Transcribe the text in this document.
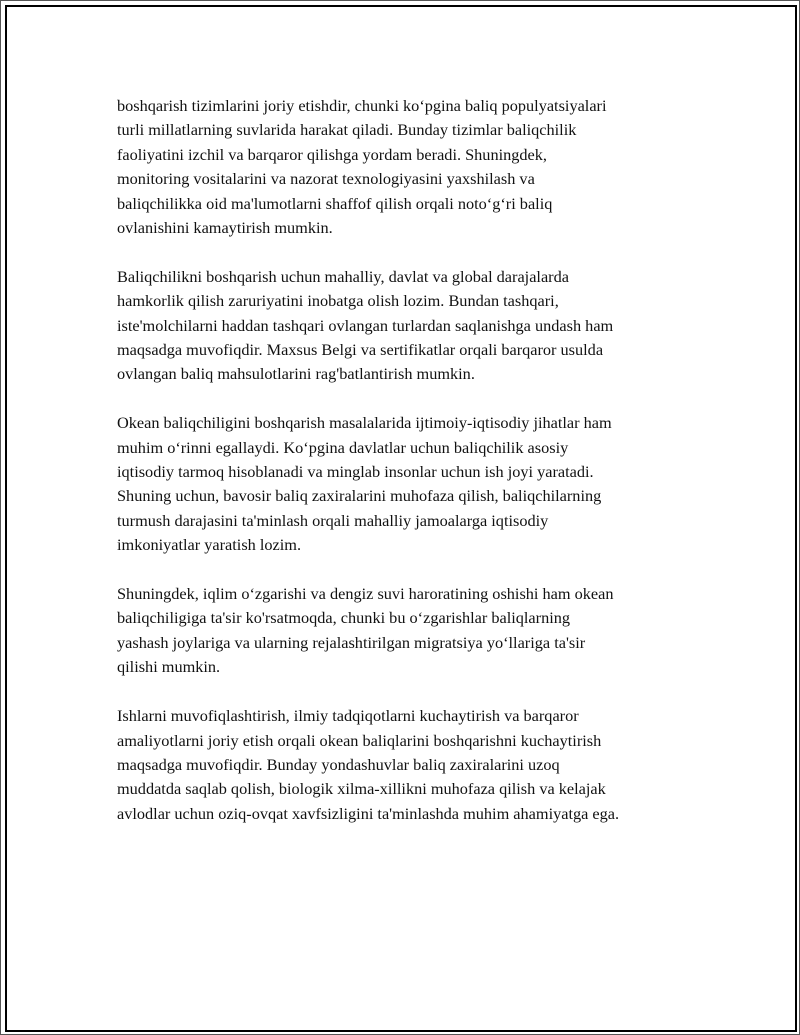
boshqarish tizimlarini joriy etishdir, chunki koʻpgina baliq populyatsiyalari
turli millatlarning suvlarida harakat qiladi. Bunday tizimlar baliqchilik
faoliyatini izchil va barqaror qilishga yordam beradi. Shuningdek,
monitoring vositalarini va nazorat texnologiyasini yaxshilash va
baliqchilikka oid ma'lumotlarni shaffof qilish orqali notoʻgʻri baliq
ovlanishini kamaytirish mumkin.

Baliqchilikni boshqarish uchun mahalliy, davlat va global darajalarda
hamkorlik qilish zaruriyatini inobatga olish lozim. Bundan tashqari,
iste'molchilarni haddan tashqari ovlangan turlardan saqlanishga undash ham
maqsadga muvofiqdir. Maxsus Belgi va sertifikatlar orqali barqaror usulda
ovlangan baliq mahsulotlarini rag'batlantirish mumkin.

Okean baliqchiligini boshqarish masalalarida ijtimoiy-iqtisodiy jihatlar ham
muhim oʻrinni egallaydi. Koʻpgina davlatlar uchun baliqchilik asosiy
iqtisodiy tarmoq hisoblanadi va minglab insonlar uchun ish joyi yaratadi.
Shuning uchun, bavosir baliq zaxiralarini muhofaza qilish, baliqchilarning
turmush darajasini ta'minlash orqali mahalliy jamoalarga iqtisodiy
imkoniyatlar yaratish lozim.

Shuningdek, iqlim oʻzgarishi va dengiz suvi haroratining oshishi ham okean
baliqchiligiga ta'sir ko'rsatmoqda, chunki bu oʻzgarishlar baliqlarning
yashash joylariga va ularning rejalashtirilgan migratsiya yoʻllariga ta'sir
qilishi mumkin.

Ishlarni muvofiqlashtirish, ilmiy tadqiqotlarni kuchaytirish va barqaror
amaliyotlarni joriy etish orqali okean baliqlarini boshqarishni kuchaytirish
maqsadga muvofiqdir. Bunday yondashuvlar baliq zaxiralarini uzoq
muddatda saqlab qolish, biologik xilma-xillikni muhofaza qilish va kelajak
avlodlar uchun oziq-ovqat xavfsizligini ta'minlashda muhim ahamiyatga ega.
